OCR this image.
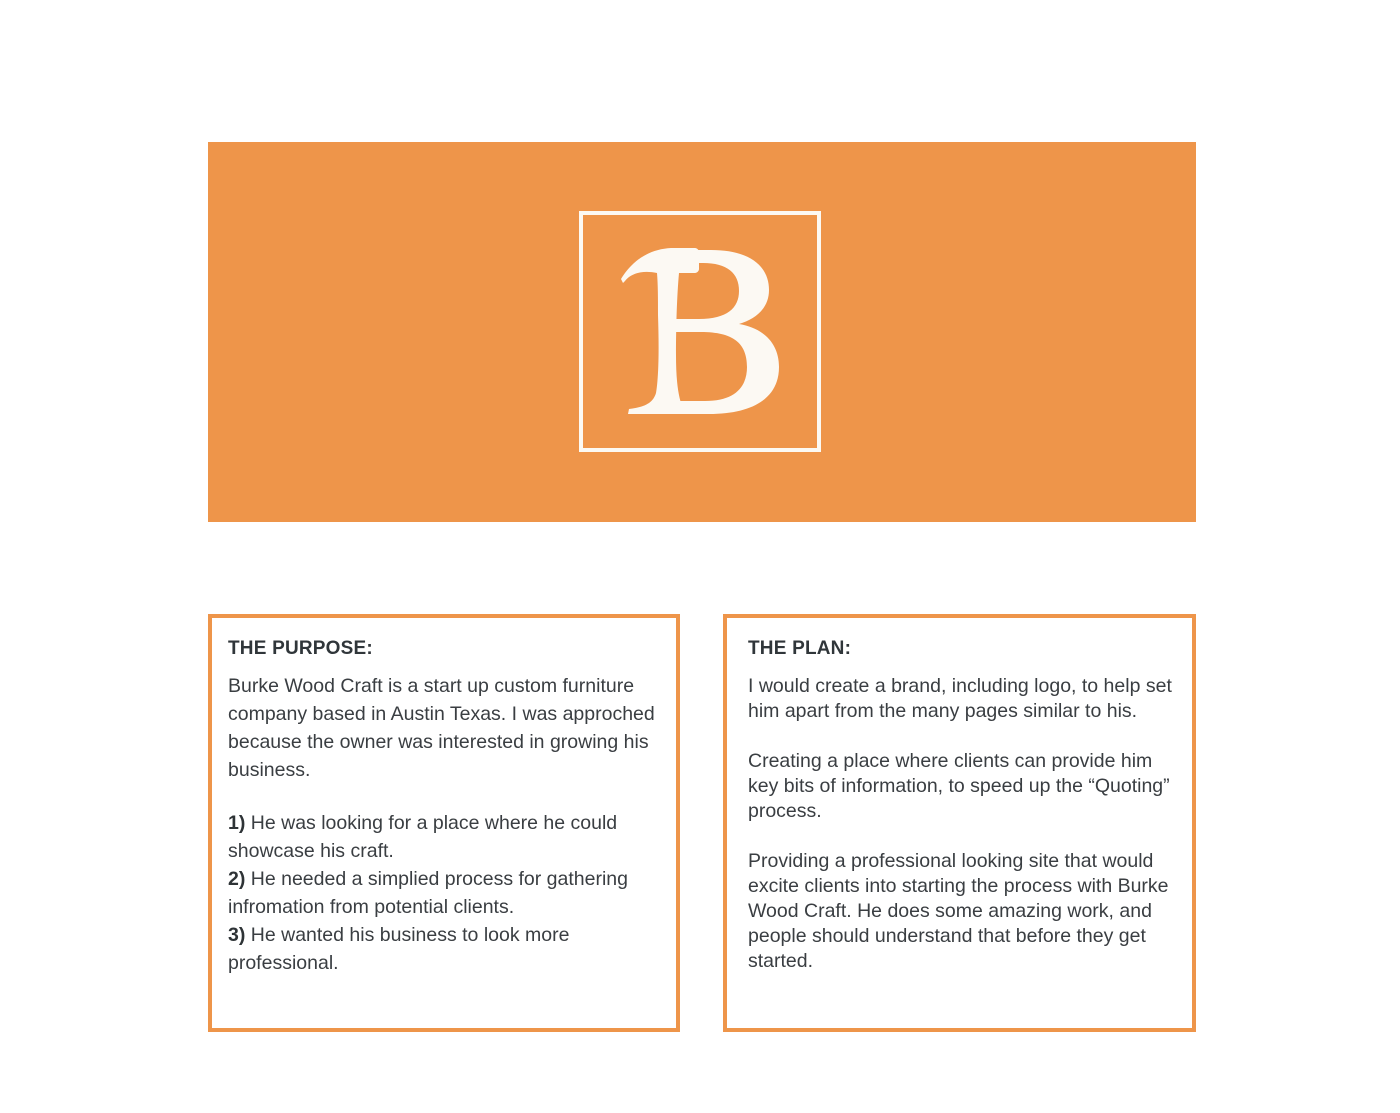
THE PURPOSE:

Burke Wood Craft is a start up custom furniture company based in Austin Texas. I was approched because the owner was interested in growing his business.

1) He was looking for a place where he could showcase his craft.

2) He needed a simplied process for gathering infromation from potential clients.

3) He wanted his business to look more professional.

THE PLAN:

I would create a brand, including logo, to help set him apart from the many pages similar to his.

Creating a place where clients can provide him key bits of information, to speed up the “Quoting” process.

Providing a professional looking site that would excite clients into starting the process with Burke Wood Craft. He does some amazing work, and people should understand that before they get started.
